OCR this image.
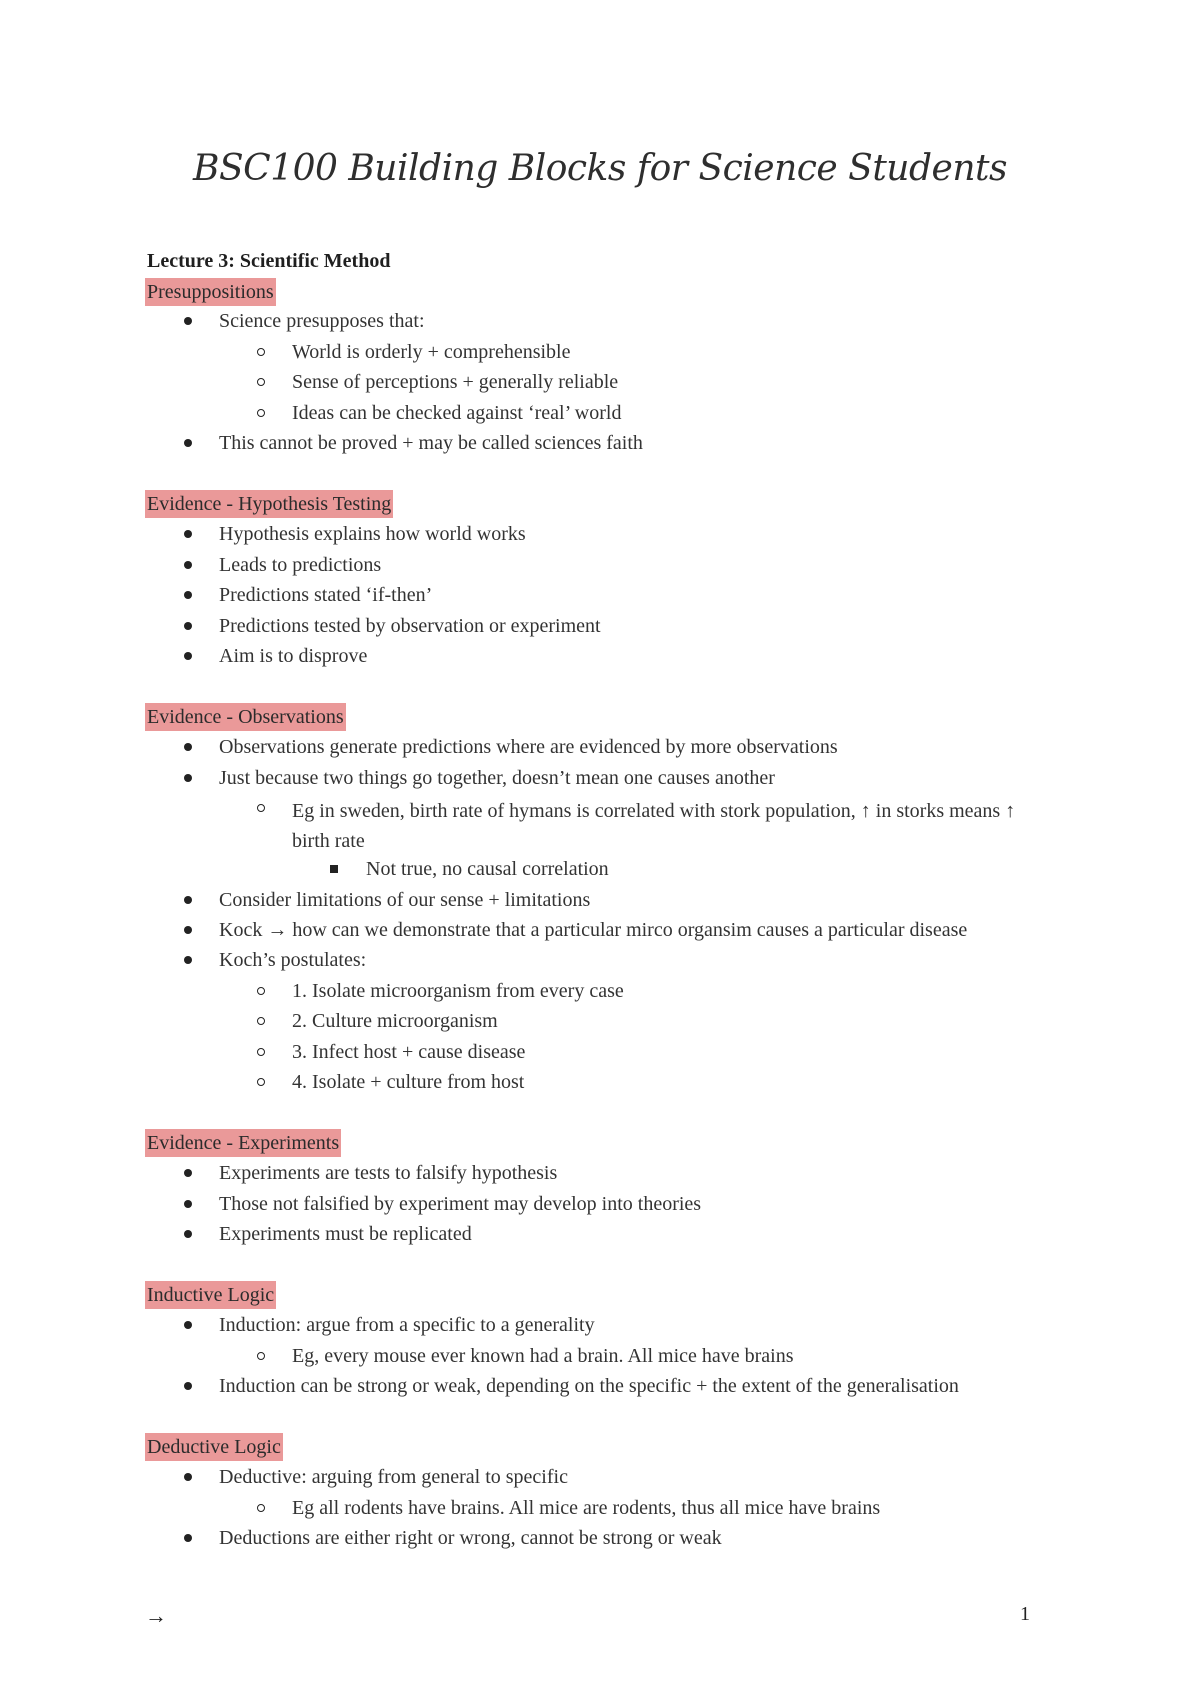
BSC100 Building Blocks for Science Students
Lecture 3: Scientific Method
Presuppositions
Science presupposes that:
World is orderly + comprehensible
Sense of perceptions + generally reliable
Ideas can be checked against ‘real’ world
This cannot be proved + may be called sciences faith
Evidence - Hypothesis Testing
Hypothesis explains how world works
Leads to predictions
Predictions stated ‘if-then’
Predictions tested by observation or experiment
Aim is to disprove
Evidence - Observations
Observations generate predictions where are evidenced by more observations
Just because two things go together, doesn’t mean one causes another
Eg in sweden, birth rate of hymans is correlated with stork population, ↑ in storks means ↑ birth rate
Not true, no causal correlation
Consider limitations of our sense + limitations
Kock → how can we demonstrate that a particular mirco organsim causes a particular disease
Koch’s postulates:
1. Isolate microorganism from every case
2. Culture microorganism
3. Infect host + cause disease
4. Isolate + culture from host
Evidence - Experiments
Experiments are tests to falsify hypothesis
Those not falsified by experiment may develop into theories
Experiments must be replicated
Inductive Logic
Induction: argue from a specific to a generality
Eg, every mouse ever known had a brain. All mice have brains
Induction can be strong or weak, depending on the specific + the extent of the generalisation
Deductive Logic
Deductive: arguing from general to specific
Eg all rodents have brains. All mice are rodents, thus all mice have brains
Deductions are either right or wrong, cannot be strong or weak
→	1
